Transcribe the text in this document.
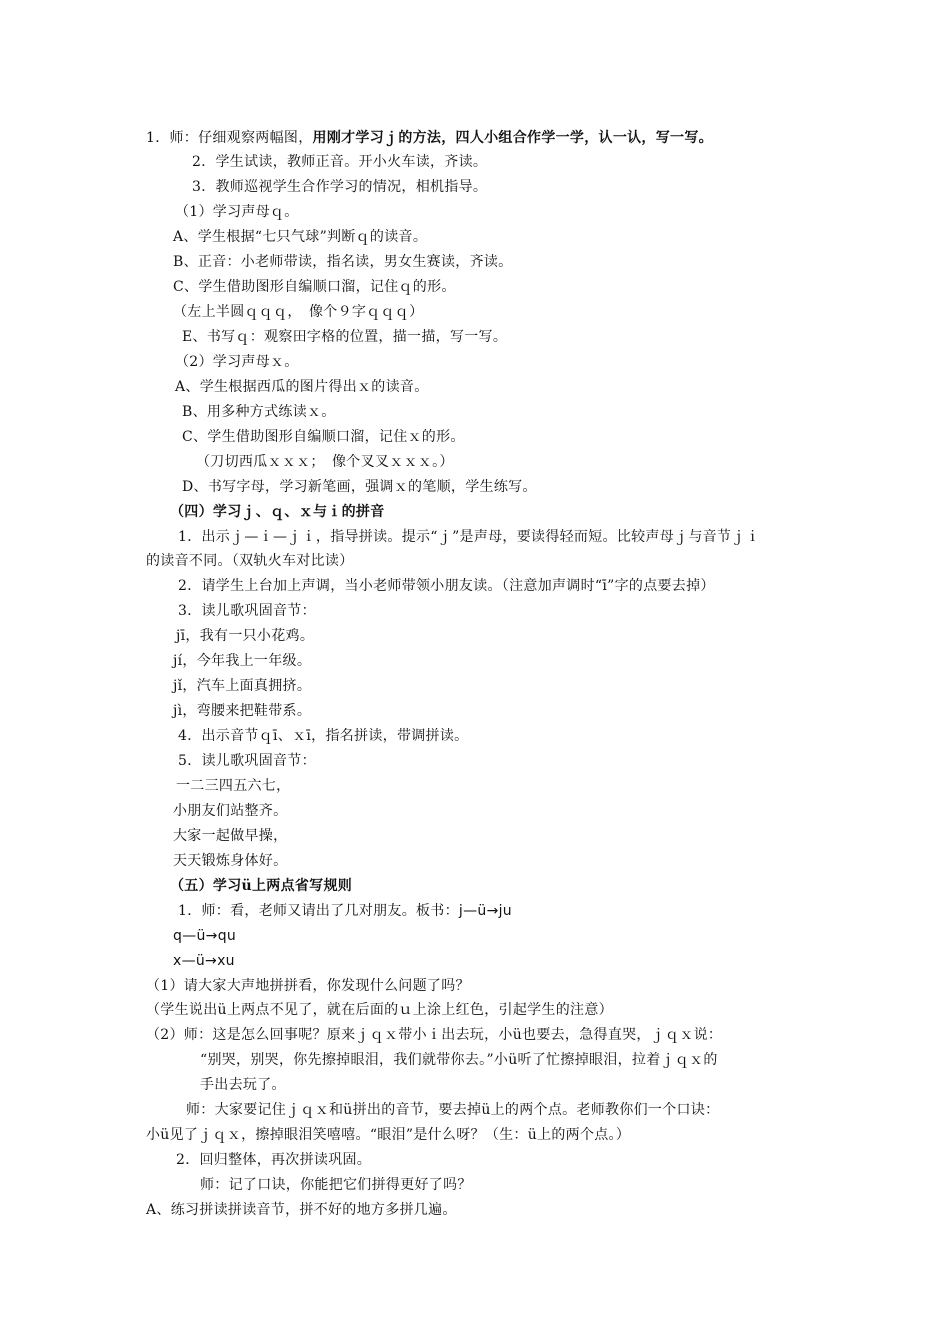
1．师：仔细观察两幅图，用刚才学习ｊ的方法，四人小组合作学一学，认一认，写一写。
2．学生试读，教师正音。开小火车读，齐读。
3．教师巡视学生合作学习的情况，相机指导。
（1）学习声母ｑ。
A、学生根据“七只气球”判断ｑ的读音。
B、正音：小老师带读，指名读，男女生赛读，齐读。
C、学生借助图形自编顺口溜，记住ｑ的形。
（左上半圆ｑｑｑ，　像个９字ｑｑｑ）
E、书写ｑ：观察田字格的位置，描一描，写一写。
（2）学习声母ｘ。
A、学生根据西瓜的图片得出ｘ的读音。
B、用多种方式练读ｘ。
C、学生借助图形自编顺口溜，记住ｘ的形。
（刀切西瓜ｘｘｘ；　像个叉叉ｘｘｘ。）
D、书写字母，学习新笔画，强调ｘ的笔顺，学生练写。
（四）学习ｊ、ｑ、ｘ与ｉ的拼音
1．出示ｊ—ｉ—ｊｉ，指导拼读。提示“ｊ”是声母，要读得轻而短。比较声母ｊ与音节ｊｉ
的读音不同。（双轨火车对比读）
2．请学生上台加上声调，当小老师带领小朋友读。（注意加声调时“ī”字的点要去掉）
3．读儿歌巩固音节：
jī，我有一只小花鸡。
jí，今年我上一年级。
jǐ，汽车上面真拥挤。
jì，弯腰来把鞋带系。
4．出示音节ｑī、ｘī，指名拼读，带调拼读。
5．读儿歌巩固音节：
一二三四五六七，
小朋友们站整齐。
大家一起做早操，
天天锻炼身体好。
（五）学习ü上两点省写规则
1．师：看，老师又请出了几对朋友。板书：j—ü→ju
q—ü→qu
x—ü→xu
（1）请大家大声地拼拼看，你发现什么问题了吗？
（学生说出ü上两点不见了，就在后面的ｕ上涂上红色，引起学生的注意）
（2）师：这是怎么回事呢？原来ｊｑｘ带小ｉ出去玩，小ü也要去，急得直哭，ｊｑｘ说：
“别哭，别哭，你先擦掉眼泪，我们就带你去。”小ü听了忙擦掉眼泪，拉着ｊｑｘ的
手出去玩了。
师：大家要记住ｊｑｘ和ü拼出的音节，要去掉ü上的两个点。老师教你们一个口诀：
小ü见了ｊｑｘ，擦掉眼泪笑嘻嘻。“眼泪”是什么呀？（生：ü上的两个点。）
2．回归整体，再次拼读巩固。
师：记了口诀，你能把它们拼得更好了吗？
A、练习拼读拼读音节，拼不好的地方多拼几遍。
